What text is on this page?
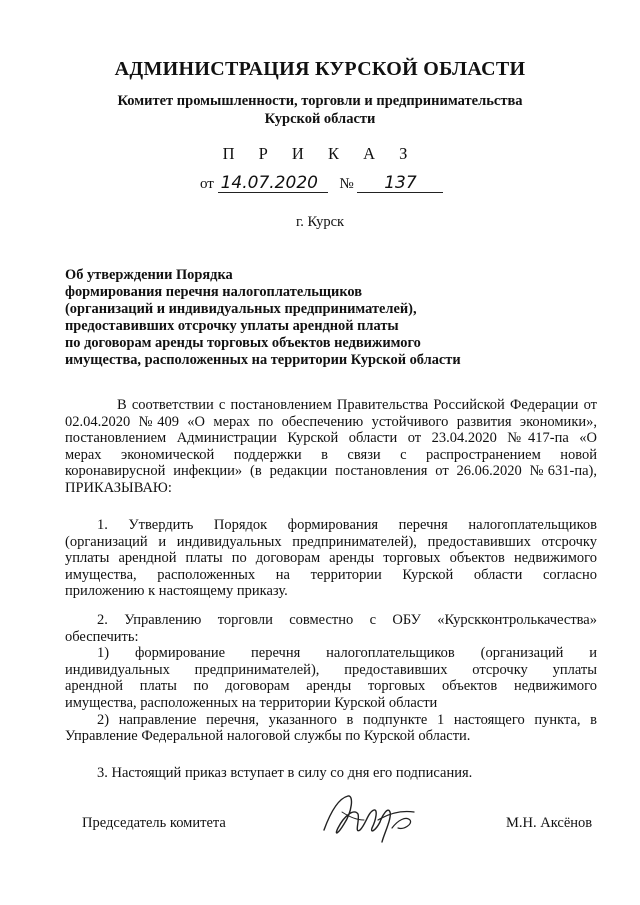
АДМИНИСТРАЦИЯ КУРСКОЙ ОБЛАСТИ
Комитет промышленности, торговли и предпринимательства
Курской области
П Р И К А З
от 14.07.2020 № 137
г. Курск
Об утверждении Порядка
формирования перечня налогоплательщиков
(организаций и индивидуальных предпринимателей),
предоставивших отсрочку уплаты арендной платы
по договорам аренды торговых объектов недвижимого
имущества, расположенных на территории Курской области
В соответствии с постановлением Правительства Российской Федерации от
02.04.2020 №409 «О мерах по обеспечению устойчивого развития экономики»,
постановлением Администрации Курской области от 23.04.2020 №417-па «О
мерах экономической поддержки в связи с распространением новой
коронавирусной инфекции» (в редакции постановления от 26.06.2020 №631-па),
ПРИКАЗЫВАЮ:
1. Утвердить Порядок формирования перечня налогоплательщиков
(организаций и индивидуальных предпринимателей), предоставивших отсрочку
уплаты арендной платы по договорам аренды торговых объектов недвижимого
имущества, расположенных на территории Курской области согласно
приложению к настоящему приказу.
2. Управлению торговли совместно с ОБУ «Курскконтролькачества»
обеспечить:
1) формирование перечня налогоплательщиков (организаций и
индивидуальных предпринимателей), предоставивших отсрочку уплаты
арендной платы по договорам аренды торговых объектов недвижимого
имущества, расположенных на территории Курской области
2) направление перечня, указанного в подпункте 1 настоящего пункта, в
Управление Федеральной налоговой службы по Курской области.
3. Настоящий приказ вступает в силу со дня его подписания.
Председатель комитета	М.Н. Аксёнов
